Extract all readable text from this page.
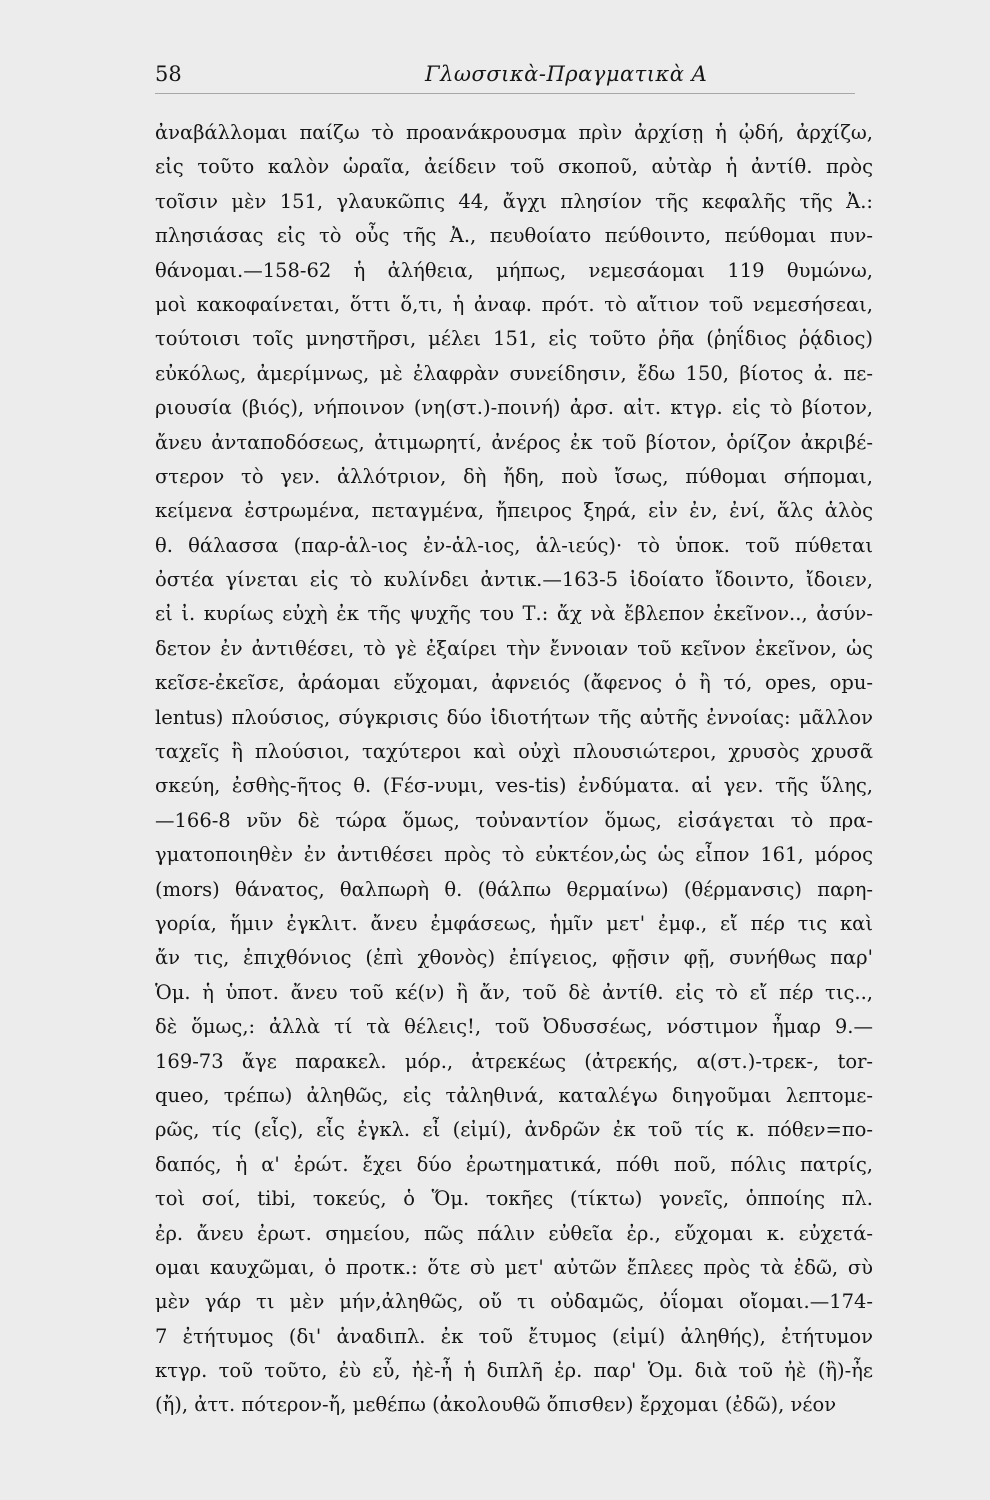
58	Γλωσσικὰ-Πραγματικὰ Α
ἀναβάλλομαι παίζω τὸ προανάκρουσμα πρὶν ἀρχίσῃ ἡ ᾠδή, ἀρχίζω,
εἰς τοῦτο καλὸν ὡραῖα, ἀείδειν τοῦ σκοποῦ, αὐτὰρ ἡ ἀντίθ. πρὸς
τοῖσιν μὲν 151, γλαυκῶπις 44, ἄγχι πλησίον τῆς κεφαλῆς τῆς Ἀ.:
πλησιάσας εἰς τὸ οὖς τῆς Ἀ., πευθοίατο πεύθοιντο, πεύθομαι πυν-
θάνομαι.—158-62 ἡ ἀλήθεια, μήπως, νεμεσάομαι 119 θυμώνω,
μοὶ κακοφαίνεται, ὅττι ὅ,τι, ἡ ἀναφ. πρότ. τὸ αἴτιον τοῦ νεμεσήσεαι,
τούτοισι τοῖς μνηστῆρσι, μέλει 151, εἰς τοῦτο ῥῆα (ῥηΐδιος ῥᾴδιος)
εὐκόλως, ἀμερίμνως, μὲ ἐλαφρὰν συνείδησιν, ἔδω 150, βίοτος ἀ. πε-
ριουσία (βιός), νήποινον (νη(στ.)-ποινή) ἀρσ. αἰτ. κτγρ. εἰς τὸ βίοτον,
ἄνευ ἀνταποδόσεως, ἀτιμωρητί, ἀνέρος ἐκ τοῦ βίοτον, ὁρίζον ἀκριβέ-
στερον τὸ γεν. ἀλλότριον, δὴ ἤδη, ποὺ ἴσως, πύθομαι σήπομαι,
κείμενα ἐστρωμένα, πεταγμένα, ἤπειρος ξηρά, εἰν ἐν, ἐνί, ἅλς ἁλὸς
θ. θάλασσα (παρ-ἁλ-ιος ἐν-ἁλ-ιος, ἁλ-ιεύς)· τὸ ὑποκ. τοῦ πύθεται
ὀστέα γίνεται εἰς τὸ κυλίνδει ἀντικ.—163-5 ἰδοίατο ἴδοιντο, ἴδοιεν,
εἰ ἰ. κυρίως εὐχὴ ἐκ τῆς ψυχῆς του Τ.: ἄχ νὰ ἔβλεπον ἐκεῖνον.., ἀσύν-
δετον ἐν ἀντιθέσει, τὸ γὲ ἐξαίρει τὴν ἔννοιαν τοῦ κεῖνον ἐκεῖνον, ὡς
κεῖσε-ἐκεῖσε, ἀράομαι εὔχομαι, ἀφνειός (ἄφενος ὁ ἢ τό, opes, opu-
lentus) πλούσιος, σύγκρισις δύο ἰδιοτήτων τῆς αὐτῆς ἐννοίας: μᾶλλον
ταχεῖς ἢ πλούσιοι, ταχύτεροι καὶ οὐχὶ πλουσιώτεροι, χρυσὸς χρυσᾶ
σκεύη, ἐσθὴς-ῆτος θ. (Ϝέσ-νυμι, ves-tis) ἐνδύματα. αἱ γεν. τῆς ὕλης,
—166-8 νῦν δὲ τώρα ὅμως, τοὐναντίον ὅμως, εἰσάγεται τὸ πρα-
γματοποιηθὲν ἐν ἀντιθέσει πρὸς τὸ εὐκτέον,ὡς ὡς εἶπον 161, μόρος
(mors) θάνατος, θαλπωρὴ θ. (θάλπω θερμαίνω) (θέρμανσις) παρη-
γορία, ἥμιν ἐγκλιτ. ἄνευ ἐμφάσεως, ἡμῖν μετ' ἐμφ., εἴ πέρ τις καὶ
ἄν τις, ἐπιχθόνιος (ἐπὶ χθονὸς) ἐπίγειος, φῇσιν φῇ, συνήθως παρ'
Ὁμ. ἡ ὑποτ. ἄνευ τοῦ κέ(ν) ἢ ἄν, τοῦ δὲ ἀντίθ. εἰς τὸ εἴ πέρ τις..,
δὲ ὅμως,: ἀλλὰ τί τὰ θέλεις!, τοῦ Ὀδυσσέως, νόστιμον ἦμαρ 9.—
169-73 ἄγε παρακελ. μόρ., ἀτρεκέως (ἀτρεκής, α(στ.)-τρεκ-, tor-
queo, τρέπω) ἀληθῶς, εἰς τἀληθινά, καταλέγω διηγοῦμαι λεπτομε-
ρῶς, τίς (εἷς), εἷς ἐγκλ. εἶ (εἰμί), ἀνδρῶν ἐκ τοῦ τίς κ. πόθεν=πο-
δαπός, ἡ α' ἐρώτ. ἔχει δύο ἐρωτηματικά, πόθι ποῦ, πόλις πατρίς,
τοὶ σοί, tibi, τοκεύς, ὁ Ὅμ. τοκῆες (τίκτω) γονεῖς, ὁπποίης πλ.
ἐρ. ἄνευ ἐρωτ. σημείου, πῶς πάλιν εὐθεῖα ἐρ., εὔχομαι κ. εὐχετά-
ομαι καυχῶμαι, ὁ προτκ.: ὅτε σὺ μετ' αὐτῶν ἔπλεες πρὸς τὰ ἐδῶ, σὺ
μὲν γάρ τι μὲν μήν,ἀληθῶς, οὔ τι οὐδαμῶς, ὀΐομαι οἴομαι.—174-
7 ἐτήτυμος (δι' ἀναδιπλ. ἐκ τοῦ ἔτυμος (εἰμί) ἀληθής), ἐτήτυμον
κτγρ. τοῦ τοῦτο, ἐὺ εὖ, ἠὲ-ἦ ἡ διπλῆ ἐρ. παρ' Ὁμ. διὰ τοῦ ἠὲ (ἢ)-ἦε
(ἤ), ἀττ. πότερον-ἤ, μεθέπω (ἀκολουθῶ ὄπισθεν) ἔρχομαι (ἐδῶ), νέον
